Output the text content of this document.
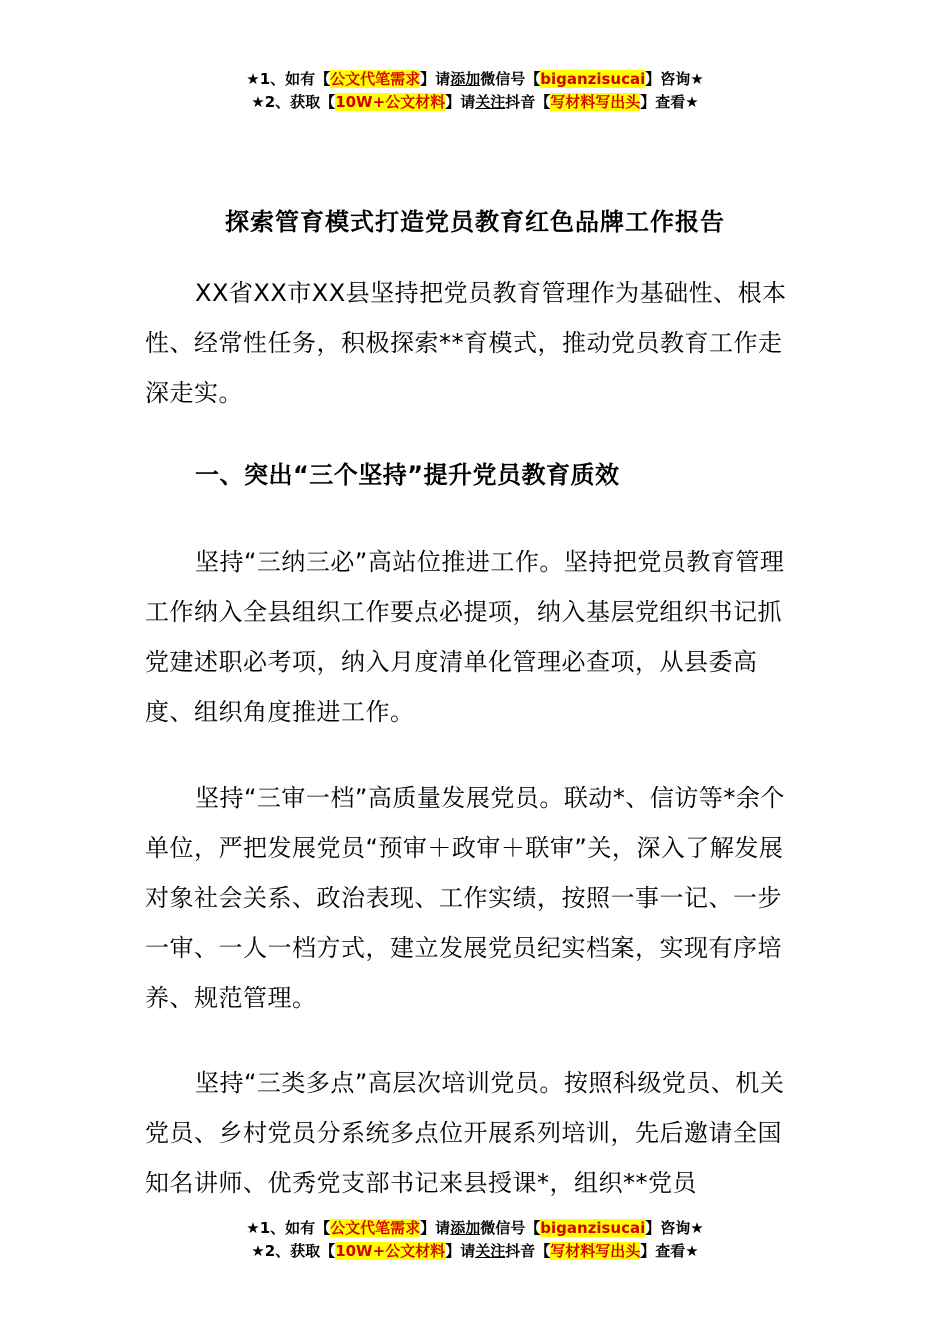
★1、如有【公文代笔需求】请添加微信号【biganzisucai】咨询★
★2、获取【10W+公文材料】请关注抖音【写材料写出头】查看★
探索管育模式打造党员教育红色品牌工作报告

XX省XX市XX县坚持把党员教育管理作为基础性、根本性、经常性任务，积极探索**育模式，推动党员教育工作走深走实。

一、突出“三个坚持”提升党员教育质效

坚持“三纳三必”高站位推进工作。坚持把党员教育管理工作纳入全县组织工作要点必提项，纳入基层党组织书记抓党建述职必考项，纳入月度清单化管理必查项，从县委高度、组织角度推进工作。

坚持“三审一档”高质量发展党员。联动*、信访等*余个单位，严把发展党员“预审＋政审＋联审”关，深入了解发展对象社会关系、政治表现、工作实绩，按照一事一记、一步一审、一人一档方式，建立发展党员纪实档案，实现有序培养、规范管理。

坚持“三类多点”高层次培训党员。按照科级党员、机关党员、乡村党员分系统多点位开展系列培训，先后邀请全国知名讲师、优秀党支部书记来县授课*，组织**党员

★1、如有【公文代笔需求】请添加微信号【biganzisucai】咨询★
★2、获取【10W+公文材料】请关注抖音【写材料写出头】查看★
